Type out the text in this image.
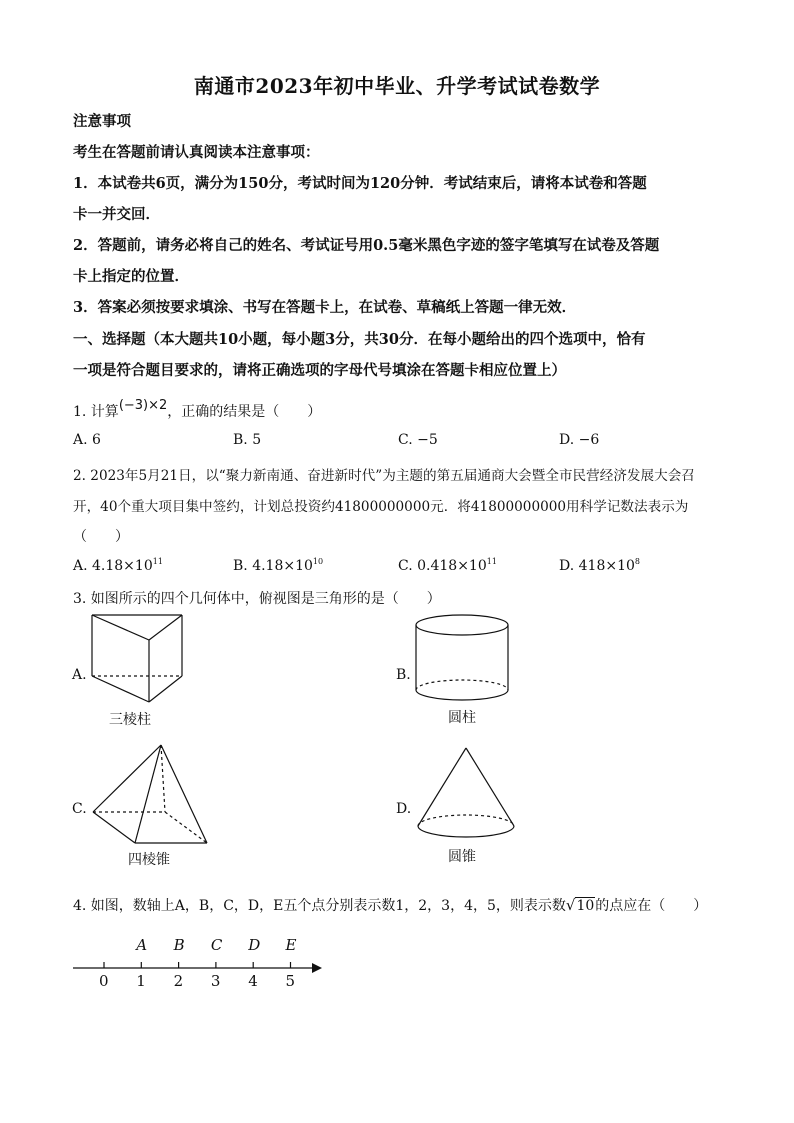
南通市2023年初中毕业、升学考试试卷数学
注意事项
考生在答题前请认真阅读本注意事项：
1．本试卷共6页，满分为150分，考试时间为120分钟．考试结束后，请将本试卷和答题
卡一并交回．
2．答题前，请务必将自己的姓名、考试证号用0.5毫米黑色字迹的签字笔填写在试卷及答题
卡上指定的位置．
3．答案必须按要求填涂、书写在答题卡上，在试卷、草稿纸上答题一律无效．
一、选择题（本大题共10小题，每小题3分，共30分．在每小题给出的四个选项中，恰有
一项是符合题目要求的，请将正确选项的字母代号填涂在答题卡相应位置上）
1. 计算(−3)×2，正确的结果是（　　）
A. 6	B. 5	C. −5	D. −6
2. 2023年5月21日，以“聚力新南通、奋进新时代”为主题的第五届通商大会暨全市民营经济发展大会召
开，40个重大项目集中签约，计划总投资约41800000000元．将41800000000用科学记数法表示为
（　　）
A. $4.18\times 10^{11}$	B. $4.18\times 10^{10}$	C. $0.418\times 10^{11}$	D. $418\times 10^8$
3. 如图所示的四个几何体中，俯视图是三角形的是（　　）
A.
三棱柱
B.
圆柱
C.
四棱锥
D.
圆锥
4. 如图，数轴上A，B，C，D，E五个点分别表示数1，2，3，4，5，则表示数√10的点应在（　　）
0 1 2 3 4 5
A B C D E
